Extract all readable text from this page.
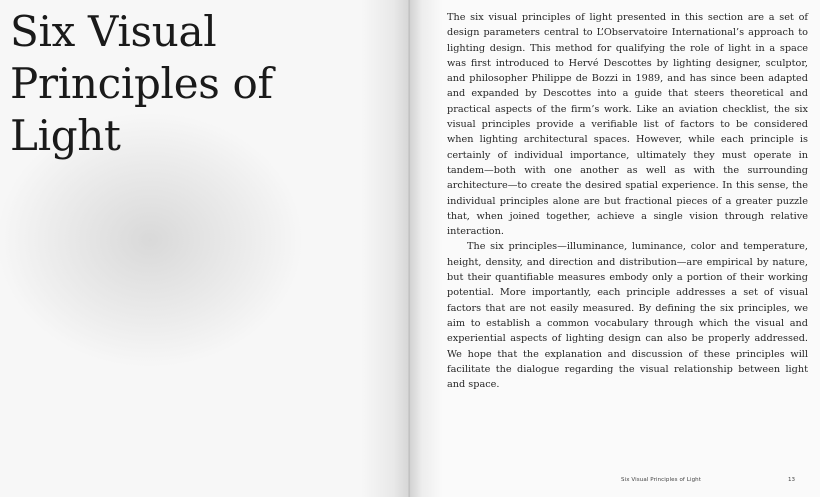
Six Visual
Principles of
Light

The six visual principles of light presented in this section are a set of design parameters central to L’Observatoire International’s approach to lighting design. This method for qualifying the role of light in a space was first introduced to Hervé Descottes by lighting designer, sculptor, and philosopher Philippe de Bozzi in 1989, and has since been adapted and expanded by Descottes into a guide that steers theoretical and practical aspects of the firm’s work. Like an aviation checklist, the six visual principles provide a verifiable list of factors to be considered when lighting architectural spaces. However, while each principle is certainly of individual importance, ultimately they must operate in tandem—both with one another as well as with the surrounding architecture—to create the desired spatial experience. In this sense, the individual principles alone are but fractional pieces of a greater puzzle that, when joined together, achieve a single vision through relative interaction.

The six principles—illuminance, luminance, color and temperature, height, density, and direction and distribution—are empirical by nature, but their quantifiable measures embody only a portion of their working potential. More importantly, each principle addresses a set of visual factors that are not easily measured. By defining the six principles, we aim to establish a common vocabulary through which the visual and experiential aspects of lighting design can also be properly addressed. We hope that the explanation and discussion of these principles will facilitate the dialogue regarding the visual relationship between light and space.

Six Visual Principles of Light	13
